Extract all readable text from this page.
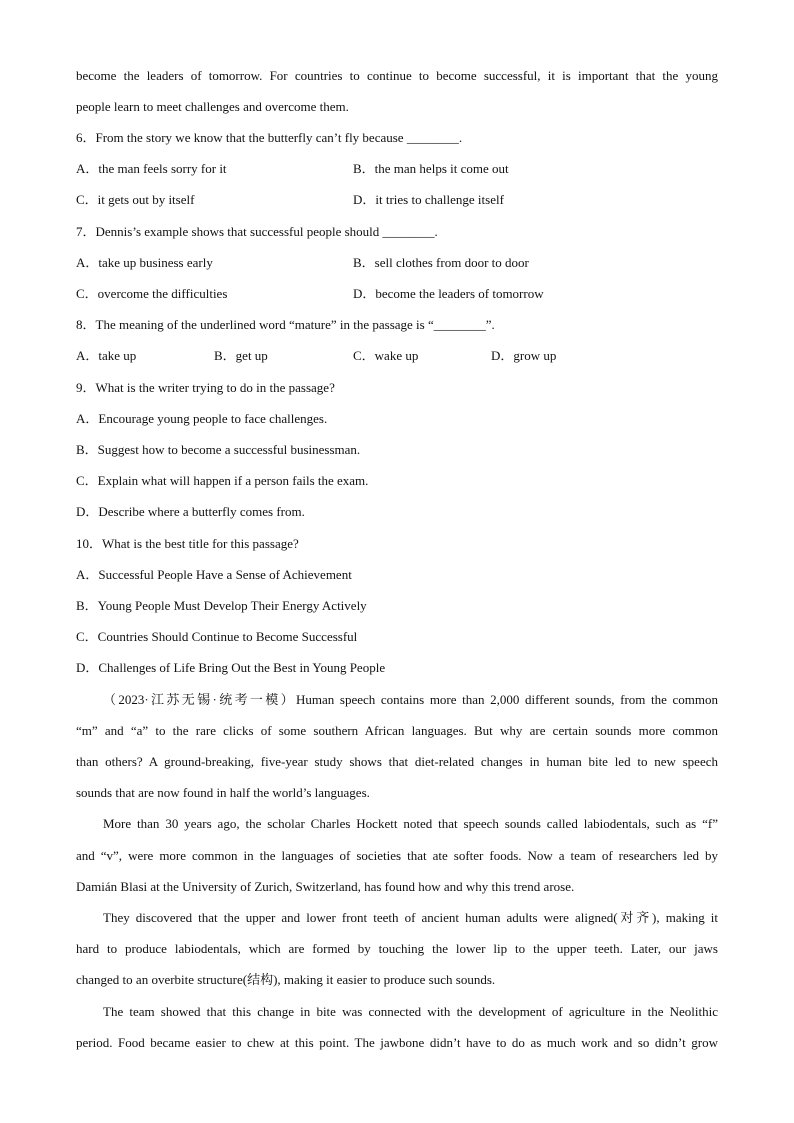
become the leaders of tomorrow. For countries to continue to become successful, it is important that the young
people learn to meet challenges and overcome them.
6．From the story we know that the butterfly can’t fly because ________.
A．the man feels sorry for it	B．the man helps it come out
C．it gets out by itself	D．it tries to challenge itself
7．Dennis’s example shows that successful people should ________.
A．take up business early	B．sell clothes from door to door
C．overcome the difficulties	D．become the leaders of tomorrow
8．The meaning of the underlined word “mature” in the passage is “________”.
A．take up	B．get up	C．wake up	D．grow up
9．What is the writer trying to do in the passage?
A．Encourage young people to face challenges.
B．Suggest how to become a successful businessman.
C．Explain what will happen if a person fails the exam.
D．Describe where a butterfly comes from.
10．What is the best title for this passage?
A．Successful People Have a Sense of Achievement
B．Young People Must Develop Their Energy Actively
C．Countries Should Continue to Become Successful
D．Challenges of Life Bring Out the Best in Young People
（2023·江苏无锡·统考一模）Human speech contains more than 2,000 different sounds, from the common
“m” and “a” to the rare clicks of some southern African languages. But why are certain sounds more common
than others? A ground-breaking, five-year study shows that diet-related changes in human bite led to new speech
sounds that are now found in half the world’s languages.
More than 30 years ago, the scholar Charles Hockett noted that speech sounds called labiodentals, such as “f”
and “v”, were more common in the languages of societies that ate softer foods. Now a team of researchers led by
Damián Blasi at the University of Zurich, Switzerland, has found how and why this trend arose.
They discovered that the upper and lower front teeth of ancient human adults were aligned(对齐), making it
hard to produce labiodentals, which are formed by touching the lower lip to the upper teeth. Later, our jaws
changed to an overbite structure(结构), making it easier to produce such sounds.
The team showed that this change in bite was connected with the development of agriculture in the Neolithic
period. Food became easier to chew at this point. The jawbone didn’t have to do as much work and so didn’t grow
